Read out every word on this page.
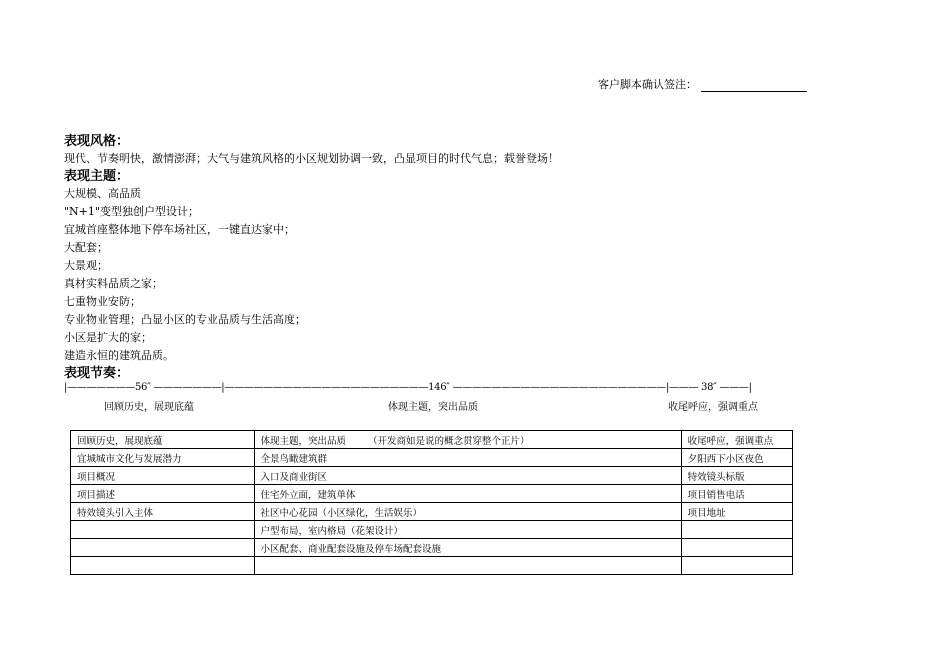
客户脚本确认签注：
表现风格：
现代、节奏明快，激情澎湃；大气与建筑风格的小区规划协调一致，凸显项目的时代气息；载誉登场！
表现主题：
大规模、高品质
"N+1"变型独创户型设计；
宜城首座整体地下停车场社区，一键直达家中；
大配套；
大景观；
真材实料品质之家；
七重物业安防；
专业物业管理；凸显小区的专业品质与生活高度；
小区是扩大的家；
建造永恒的建筑品质。
表现节奏：
|———————56″ ———————|—————————————————————146″ ——————————————————————|——— 38″ ———|
回顾历史，展现底蕴	体现主题，突出品质	收尾呼应，强调重点
回顾历史，展现底蕴	体现主题，突出品质 （开发商如是说的概念贯穿整个正片）	收尾呼应，强调重点
宜城城市文化与发展潜力	全景鸟瞰建筑群	夕阳西下小区夜色
项目概况	入口及商业街区	特效镜头标版
项目描述	住宅外立面，建筑单体	项目销售电话
特效镜头引入主体	社区中心花园（小区绿化，生活娱乐）	项目地址
	户型布局，室内格局（花架设计）	
	小区配套、商业配套设施及停车场配套设施	
